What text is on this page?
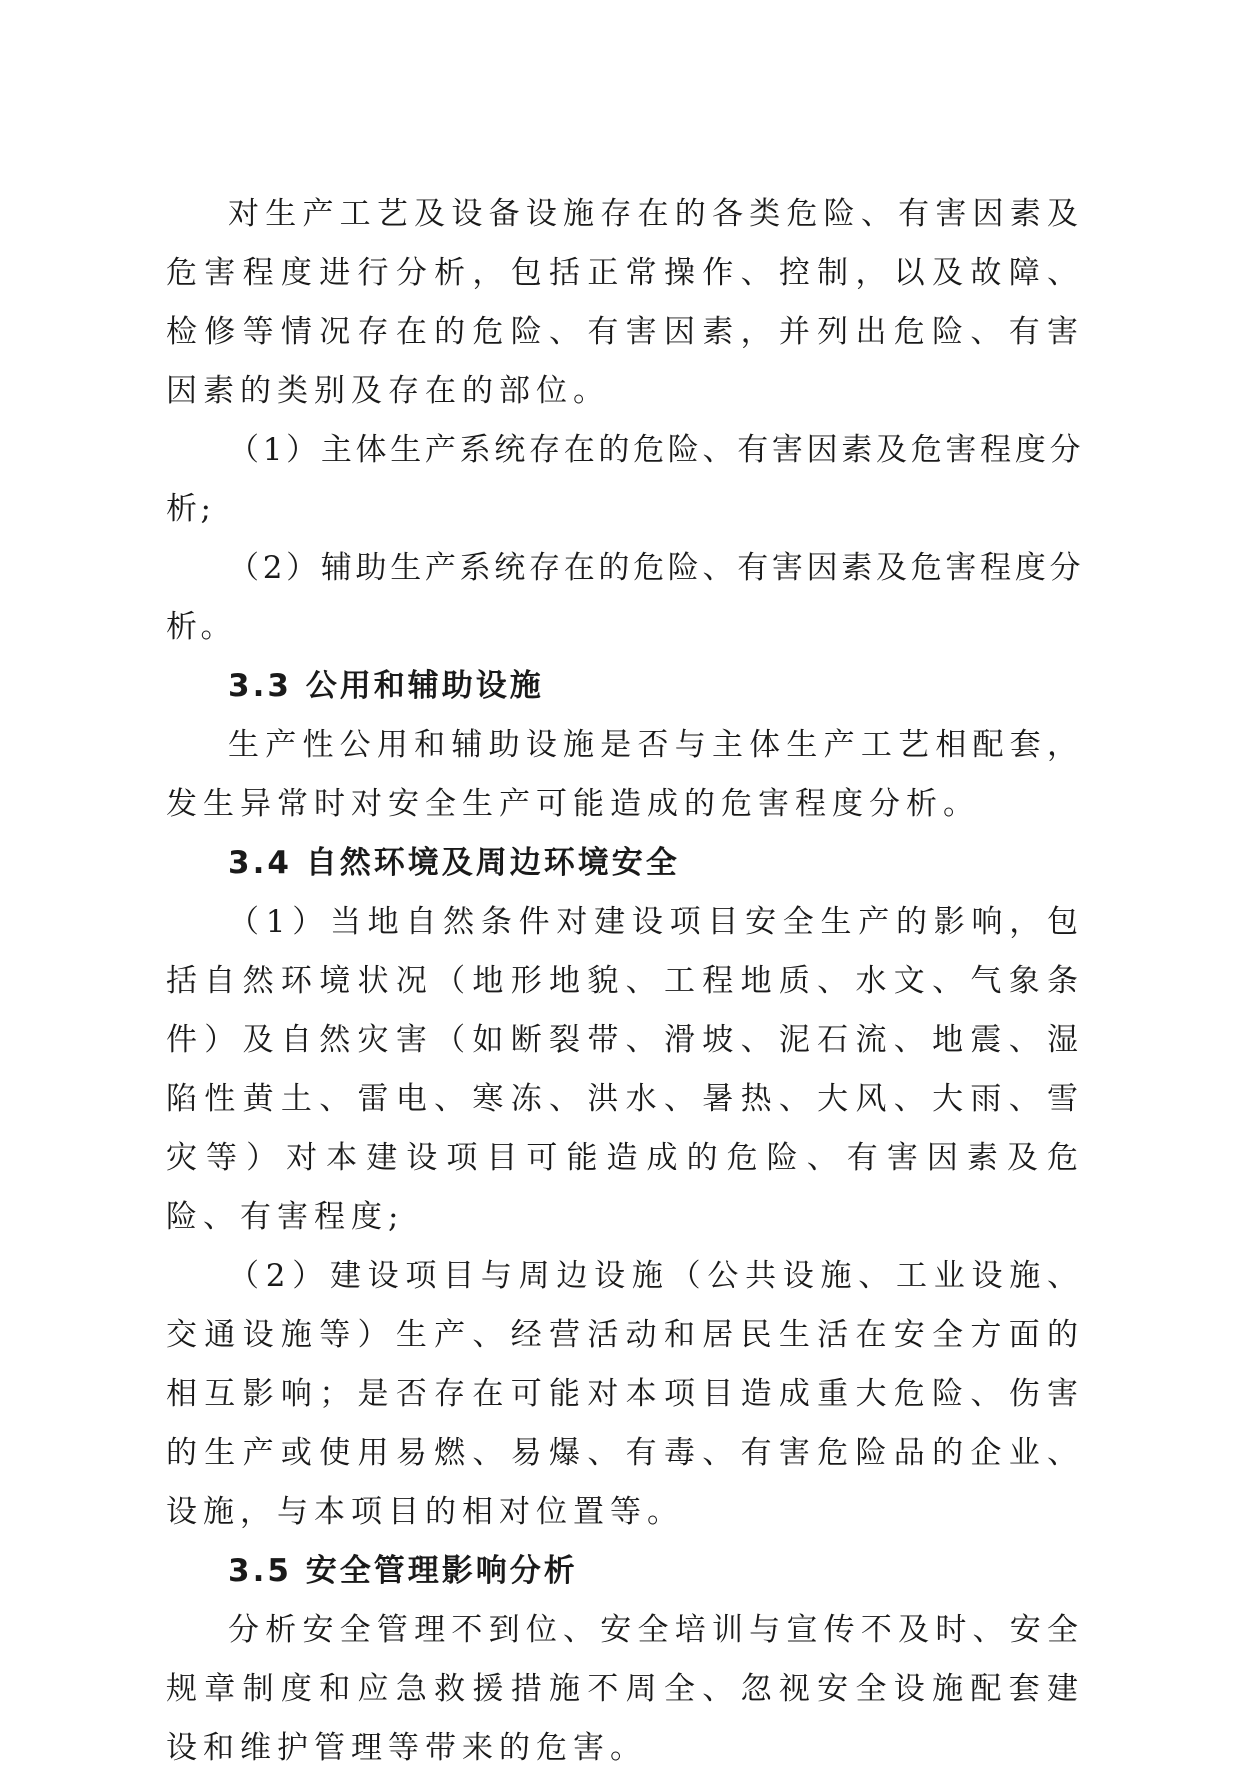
对生产工艺及设备设施存在的各类危险、有害因素及危害程度进行分析，包括正常操作、控制，以及故障、检修等情况存在的危险、有害因素，并列出危险、有害因素的类别及存在的部位。

（1）主体生产系统存在的危险、有害因素及危害程度分析;

（2）辅助生产系统存在的危险、有害因素及危害程度分析。

3.3 公用和辅助设施

生产性公用和辅助设施是否与主体生产工艺相配套，发生异常时对安全生产可能造成的危害程度分析。

3.4 自然环境及周边环境安全

（1）当地自然条件对建设项目安全生产的影响，包括自然环境状况（地形地貌、工程地质、水文、气象条件）及自然灾害（如断裂带、滑坡、泥石流、地震、湿陷性黄土、雷电、寒冻、洪水、暑热、大风、大雨、雪灾等）对本建设项目可能造成的危险、有害因素及危险、有害程度;

（2）建设项目与周边设施（公共设施、工业设施、交通设施等）生产、经营活动和居民生活在安全方面的相互影响；是否存在可能对本项目造成重大危险、伤害的生产或使用易燃、易爆、有毒、有害危险品的企业、设施，与本项目的相对位置等。

3.5 安全管理影响分析

分析安全管理不到位、安全培训与宣传不及时、安全规章制度和应急救援措施不周全、忽视安全设施配套建设和维护管理等带来的危害。
